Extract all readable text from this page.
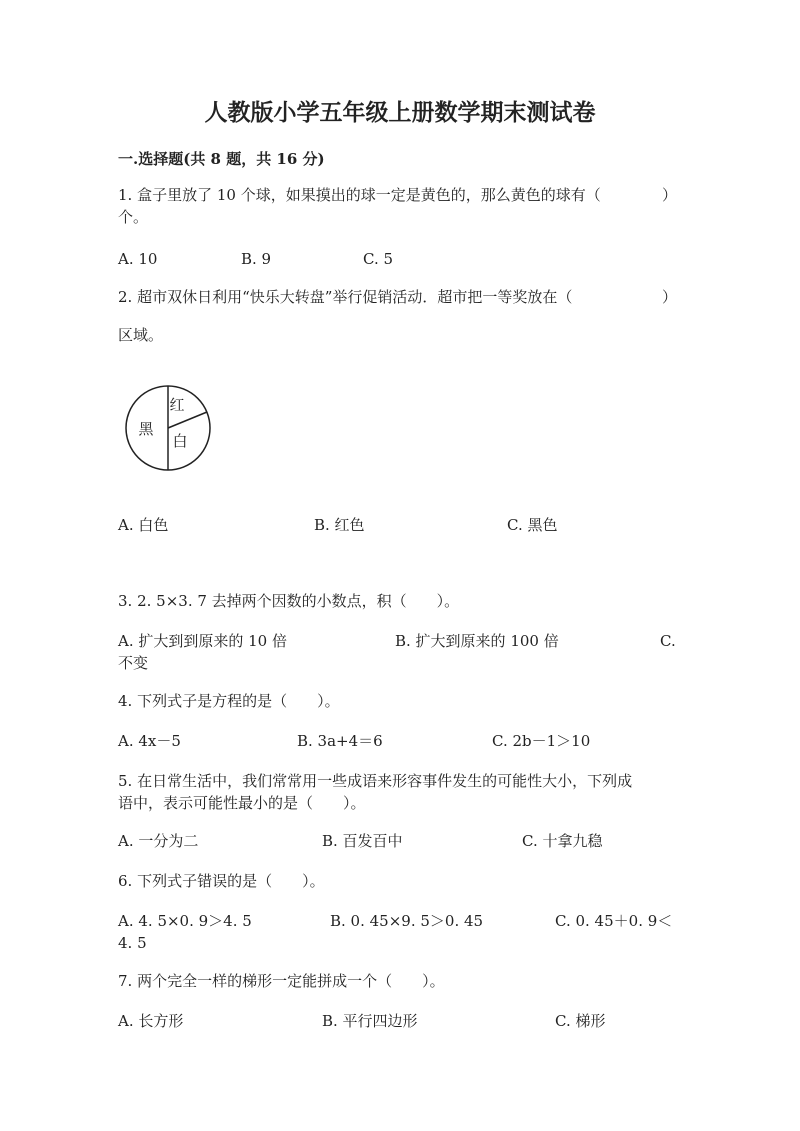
人教版小学五年级上册数学期末测试卷
一.选择题(共 8 题，共 16 分)
1. 盒子里放了 10 个球，如果摸出的球一定是黄色的，那么黄色的球有（	）
个。
A. 10	B. 9	C. 5
2. 超市双休日利用“快乐大转盘”举行促销活动．超市把一等奖放在（	）
区域。
黑
红
白
A. 白色	B. 红色	C. 黑色
3. 2. 5×3. 7 去掉两个因数的小数点，积（　　）。
A. 扩大到到原来的 10 倍	B. 扩大到原来的 100 倍	C.
不变
4. 下列式子是方程的是（　　）。
A. 4x－5	B. 3a+4＝6	C. 2b－1＞10
5. 在日常生活中，我们常常用一些成语来形容事件发生的可能性大小，下列成
语中，表示可能性最小的是（　　）。
A. 一分为二	B. 百发百中	C. 十拿九稳
6. 下列式子错误的是（　　）。
A. 4. 5×0. 9＞4. 5	B. 0. 45×9. 5＞0. 45	C. 0. 45＋0. 9＜
4. 5
7. 两个完全一样的梯形一定能拼成一个（　　）。
A. 长方形	B. 平行四边形	C. 梯形
